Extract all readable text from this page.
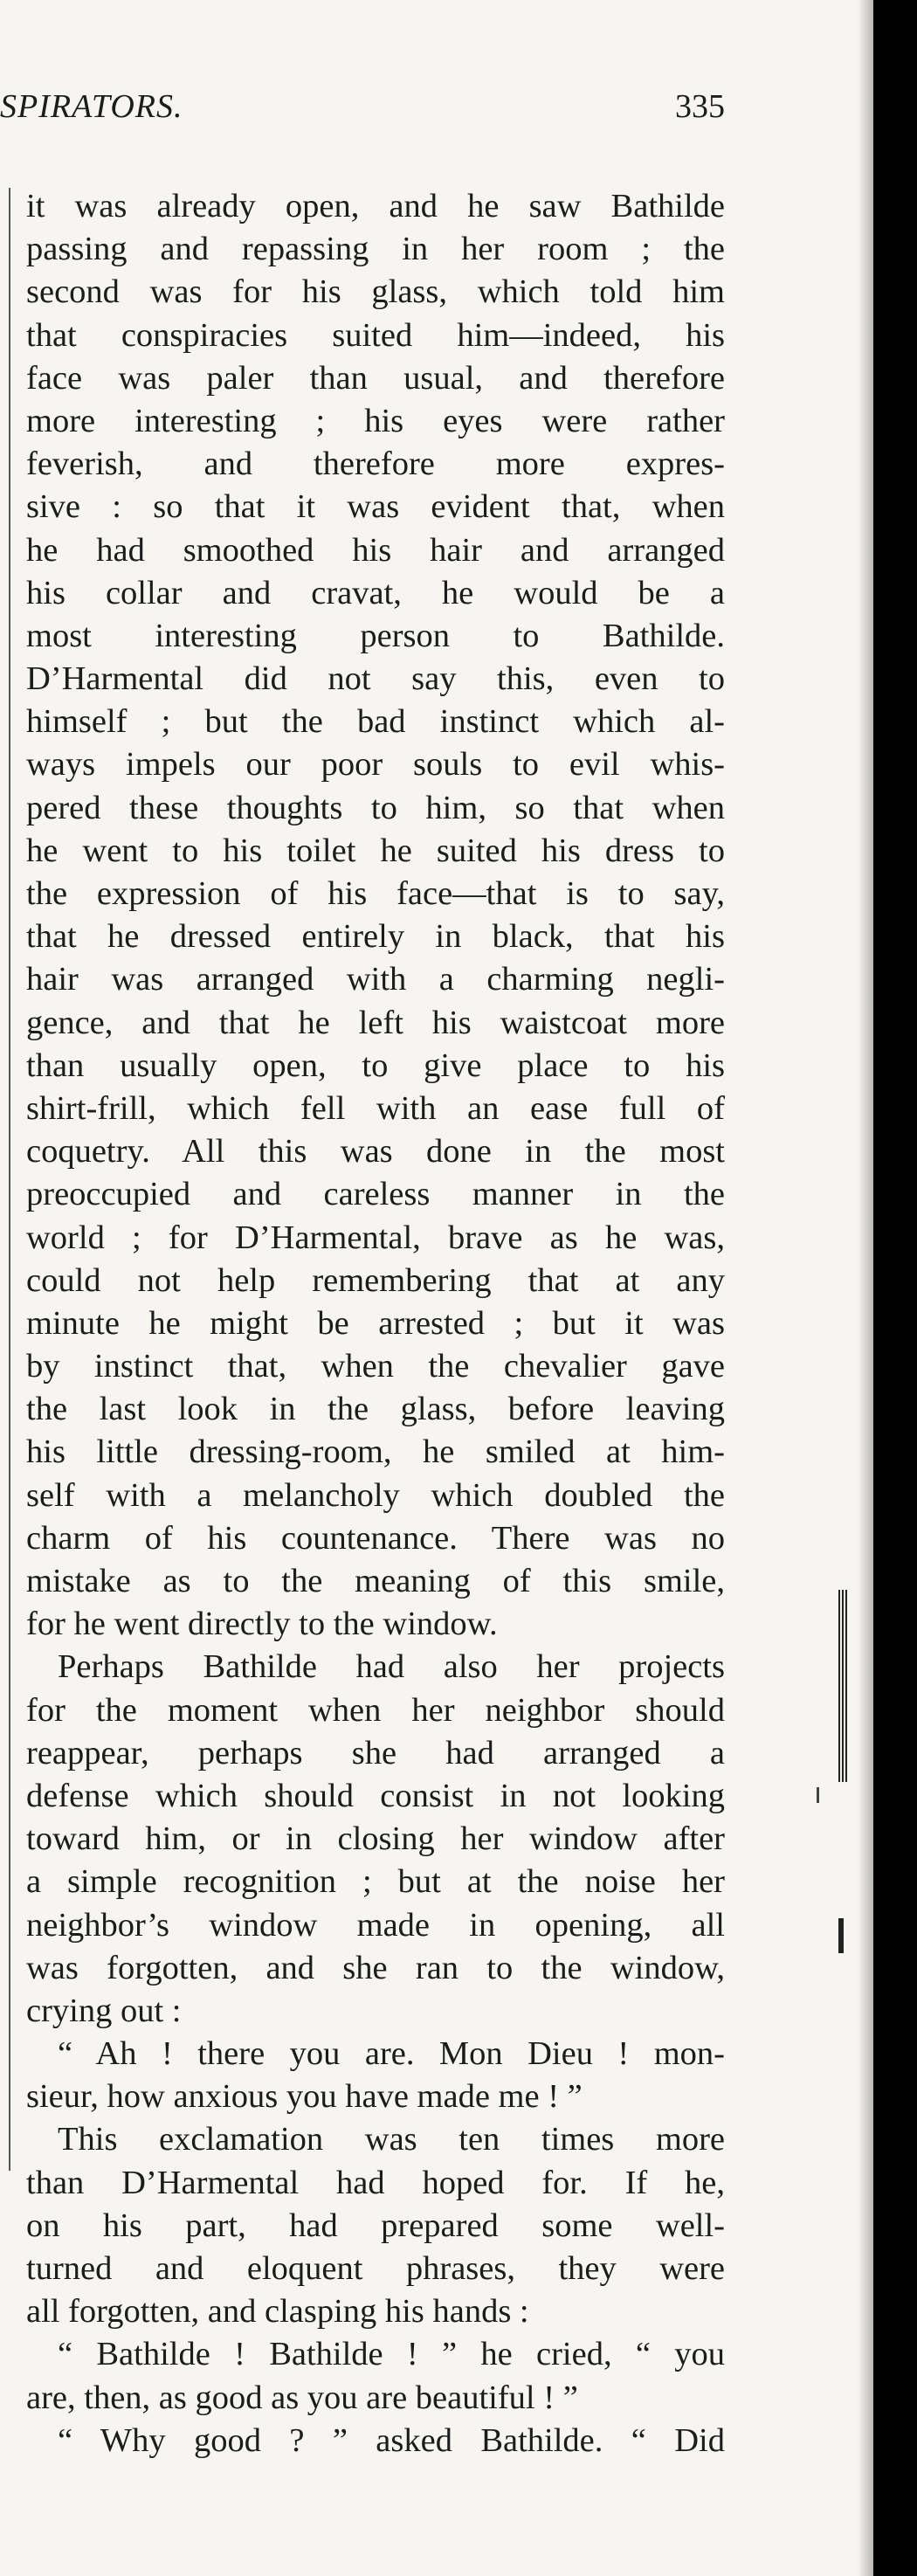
SPIRATORS.	335
it was already open, and he saw Bathilde
passing and repassing in her room ; the
second was for his glass, which told him
that conspiracies suited him—indeed, his
face was paler than usual, and therefore
more interesting ; his eyes were rather
feverish, and therefore more expres-
sive : so that it was evident that, when
he had smoothed his hair and arranged
his collar and cravat, he would be a
most interesting person to Bathilde.
D’Harmental did not say this, even to
himself ; but the bad instinct which al-
ways impels our poor souls to evil whis-
pered these thoughts to him, so that when
he went to his toilet he suited his dress to
the expression of his face—that is to say,
that he dressed entirely in black, that his
hair was arranged with a charming negli-
gence, and that he left his waistcoat more
than usually open, to give place to his
shirt-frill, which fell with an ease full of
coquetry. All this was done in the most
preoccupied and careless manner in the
world ; for D’Harmental, brave as he was,
could not help remembering that at any
minute he might be arrested ; but it was
by instinct that, when the chevalier gave
the last look in the glass, before leaving
his little dressing-room, he smiled at him-
self with a melancholy which doubled the
charm of his countenance. There was no
mistake as to the meaning of this smile,
for he went directly to the window.
Perhaps Bathilde had also her projects
for the moment when her neighbor should
reappear, perhaps she had arranged a
defense which should consist in not looking
toward him, or in closing her window after
a simple recognition ; but at the noise her
neighbor’s window made in opening, all
was forgotten, and she ran to the window,
crying out :
“ Ah ! there you are. Mon Dieu ! mon-
sieur, how anxious you have made me ! ”
This exclamation was ten times more
than D’Harmental had hoped for. If he,
on his part, had prepared some well-
turned and eloquent phrases, they were
all forgotten, and clasping his hands :
“ Bathilde ! Bathilde ! ” he cried, “ you
are, then, as good as you are beautiful ! ”
“ Why good ? ” asked Bathilde. “ Did
